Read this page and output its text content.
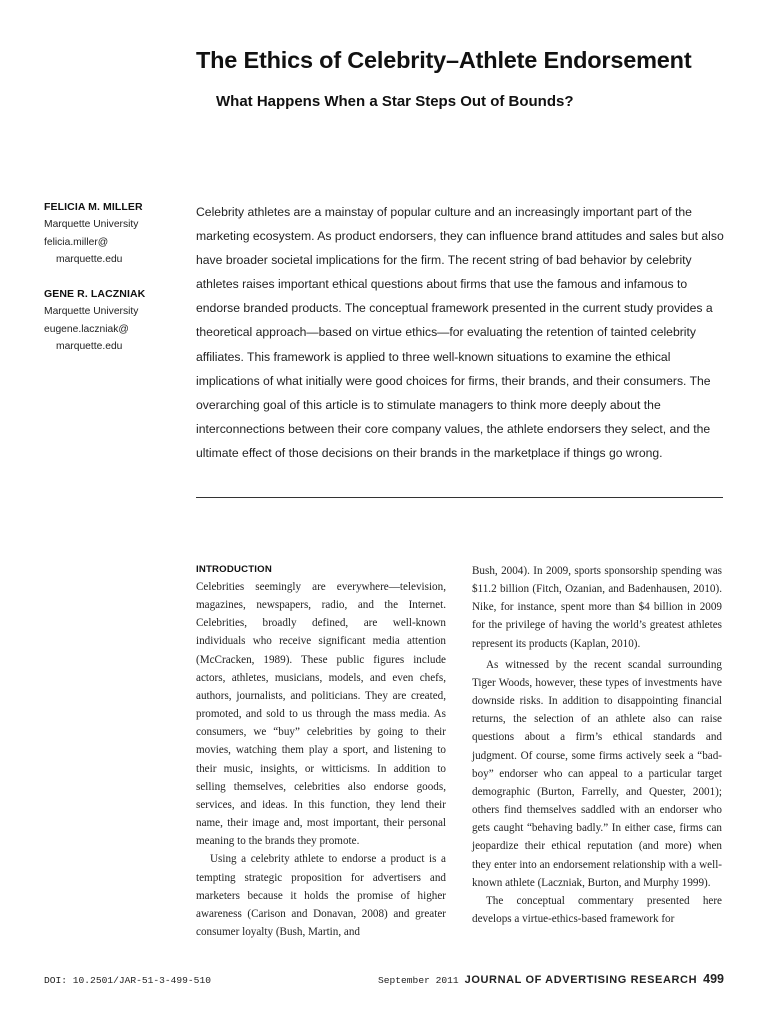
The Ethics of Celebrity–Athlete Endorsement
What Happens When a Star Steps Out of Bounds?
FELICIA M. MILLER
Marquette University
felicia.miller@
marquette.edu
GENE R. LACZNIAK
Marquette University
eugene.laczniak@
marquette.edu

Celebrity athletes are a mainstay of popular culture and an increasingly important part of the marketing ecosystem. As product endorsers, they can influence brand attitudes and sales but also have broader societal implications for the firm. The recent string of bad behavior by celebrity athletes raises important ethical questions about firms that use the famous and infamous to endorse branded products. The conceptual framework presented in the current study provides a theoretical approach—based on virtue ethics—for evaluating the retention of tainted celebrity affiliates. This framework is applied to three well-known situations to examine the ethical implications of what initially were good choices for firms, their brands, and their consumers. The overarching goal of this article is to stimulate managers to think more deeply about the interconnections between their core company values, the athlete endorsers they select, and the ultimate effect of those decisions on their brands in the marketplace if things go wrong.

INTRODUCTION

Celebrities seemingly are everywhere—television, magazines, newspapers, radio, and the Internet. Celebrities, broadly defined, are well-known individuals who receive significant media attention (McCracken, 1989). These public figures include actors, athletes, musicians, models, and even chefs, authors, journalists, and politicians. They are created, promoted, and sold to us through the mass media. As consumers, we “buy” celebrities by going to their movies, watching them play a sport, and listening to their music, insights, or witticisms. In addition to selling themselves, celebrities also endorse goods, services, and ideas. In this function, they lend their name, their image and, most important, their personal meaning to the brands they promote.

Using a celebrity athlete to endorse a product is a tempting strategic proposition for advertisers and marketers because it holds the promise of higher awareness (Carison and Donavan, 2008) and greater consumer loyalty (Bush, Martin, and

Bush, 2004). In 2009, sports sponsorship spending was $11.2 billion (Fitch, Ozanian, and Badenhausen, 2010). Nike, for instance, spent more than $4 billion in 2009 for the privilege of having the world’s greatest athletes represent its products (Kaplan, 2010).

As witnessed by the recent scandal surrounding Tiger Woods, however, these types of investments have downside risks. In addition to disappointing financial returns, the selection of an athlete also can raise questions about a firm’s ethical standards and judgment. Of course, some firms actively seek a “bad-boy” endorser who can appeal to a particular target demographic (Burton, Farrelly, and Quester, 2001); others find themselves saddled with an endorser who gets caught “behaving badly.” In either case, firms can jeopardize their ethical reputation (and more) when they enter into an endorsement relationship with a well-known athlete (Laczniak, Burton, and Murphy 1999).

The conceptual commentary presented here develops a virtue-ethics-based framework for

DOI: 10.2501/JAR-51-3-499-510	September 2011 JOURNAL OF ADVERTISING RESEARCH 499
